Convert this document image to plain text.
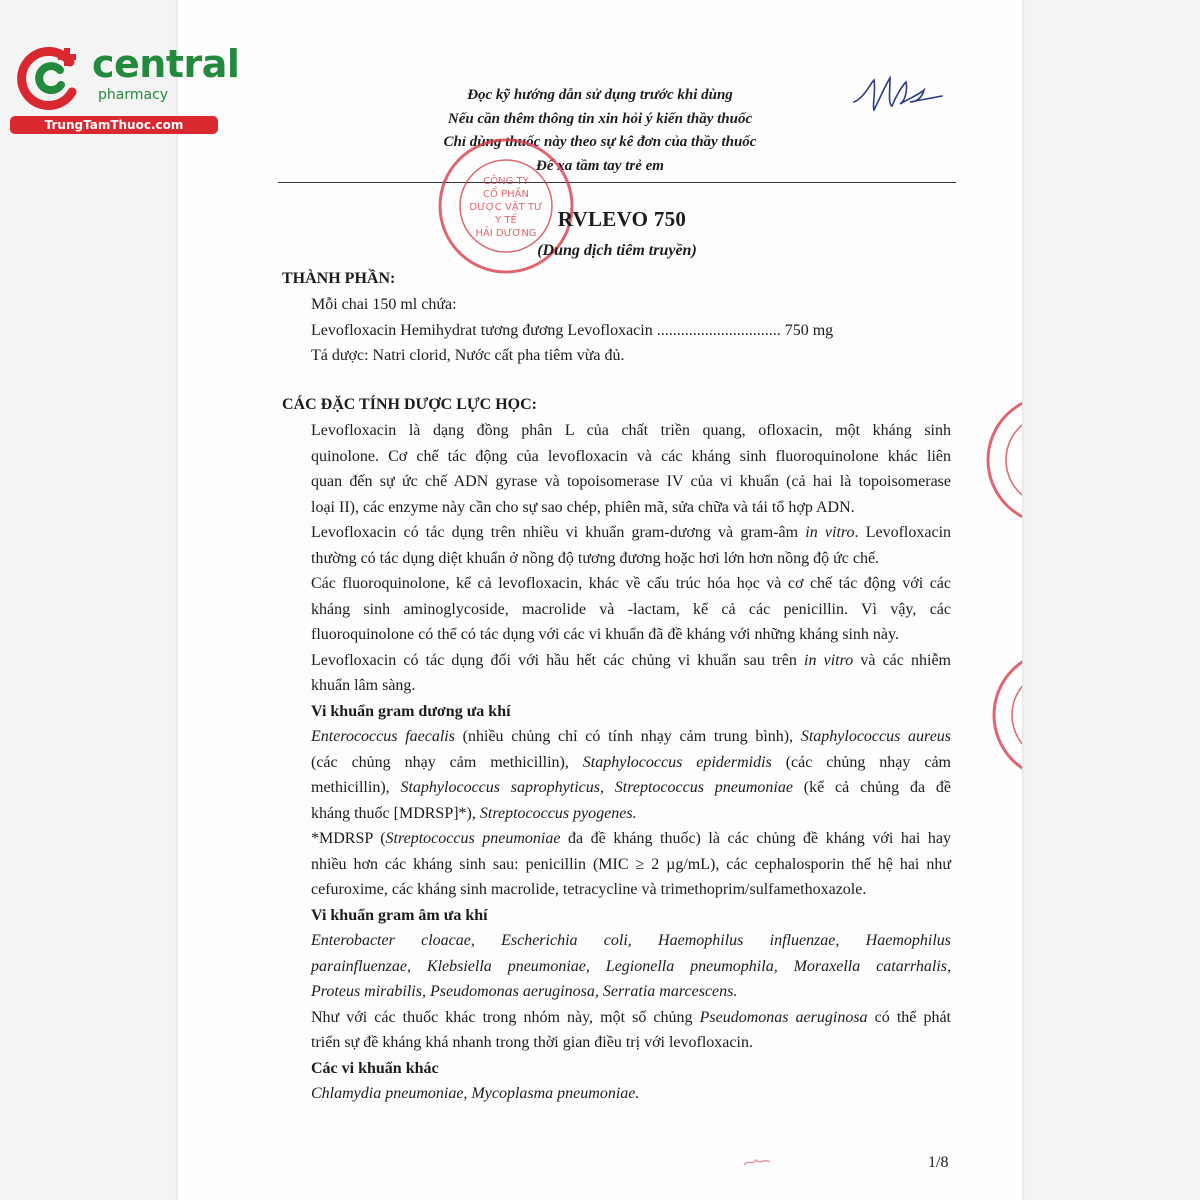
central
pharmacy
TrungTamThuoc.com
Đọc kỹ hướng dẫn sử dụng trước khi dùng
Nếu cần thêm thông tin xin hỏi ý kiến thầy thuốc
Chỉ dùng thuốc này theo sự kê đơn của thầy thuốc
Để xa tầm tay trẻ em
CÔNG TY
CỔ PHẦN
DƯỢC VẬT TƯ
Y TẾ
HẢI DƯƠNG
RVLEVO 750
(Dung dịch tiêm truyền)
THÀNH PHẦN:
Mỗi chai 150 ml chứa:
Levofloxacin Hemihydrat tương đương Levofloxacin ............................... 750 mg
Tá dược: Natri clorid, Nước cất pha tiêm vừa đủ.
CÁC ĐẶC TÍNH DƯỢC LỰC HỌC:
Levofloxacin là dạng đồng phân L của chất triền quang, ofloxacin, một kháng sinh
quinolone. Cơ chế tác động của levofloxacin và các kháng sinh fluoroquinolone khác liên
quan đến sự ức chế ADN gyrase và topoisomerase IV của vi khuẩn (cả hai là topoisomerase
loại II), các enzyme này cần cho sự sao chép, phiên mã, sửa chữa và tái tổ hợp ADN.
Levofloxacin có tác dụng trên nhiều vi khuẩn gram-dương và gram-âm in vitro. Levofloxacin
thường có tác dụng diệt khuẩn ở nồng độ tương đương hoặc hơi lớn hơn nồng độ ức chế.
Các fluoroquinolone, kể cả levofloxacin, khác về cấu trúc hóa học và cơ chế tác động với các
kháng sinh aminoglycoside, macrolide và -lactam, kể cả các penicillin. Vì vậy, các
fluoroquinolone có thể có tác dụng với các vi khuẩn đã đề kháng với những kháng sinh này.
Levofloxacin có tác dụng đối với hầu hết các chủng vi khuẩn sau trên in vitro và các nhiễm
khuẩn lâm sàng.
Vi khuẩn gram dương ưa khí
Enterococcus faecalis (nhiều chủng chỉ có tính nhạy cảm trung bình), Staphylococcus aureus
(các chủng nhạy cảm methicillin), Staphylococcus epidermidis (các chủng nhạy cảm
methicillin), Staphylococcus saprophyticus, Streptococcus pneumoniae (kể cả chủng đa đề
kháng thuốc [MDRSP]*), Streptococcus pyogenes.
*MDRSP (Streptococcus pneumoniae đa đề kháng thuốc) là các chủng đề kháng với hai hay
nhiều hơn các kháng sinh sau: penicillin (MIC ≥ 2 µg/mL), các cephalosporin thế hệ hai như
cefuroxime, các kháng sinh macrolide, tetracycline và trimethoprim/sulfamethoxazole.
Vi khuẩn gram âm ưa khí
Enterobacter cloacae, Escherichia coli, Haemophilus influenzae, Haemophilus
parainfluenzae, Klebsiella pneumoniae, Legionella pneumophila, Moraxella catarrhalis,
Proteus mirabilis, Pseudomonas aeruginosa, Serratia marcescens.
Như với các thuốc khác trong nhóm này, một số chủng Pseudomonas aeruginosa có thể phát
triển sự đề kháng khá nhanh trong thời gian điều trị với levofloxacin.
Các vi khuẩn khác
Chlamydia pneumoniae, Mycoplasma pneumoniae.
1/8
